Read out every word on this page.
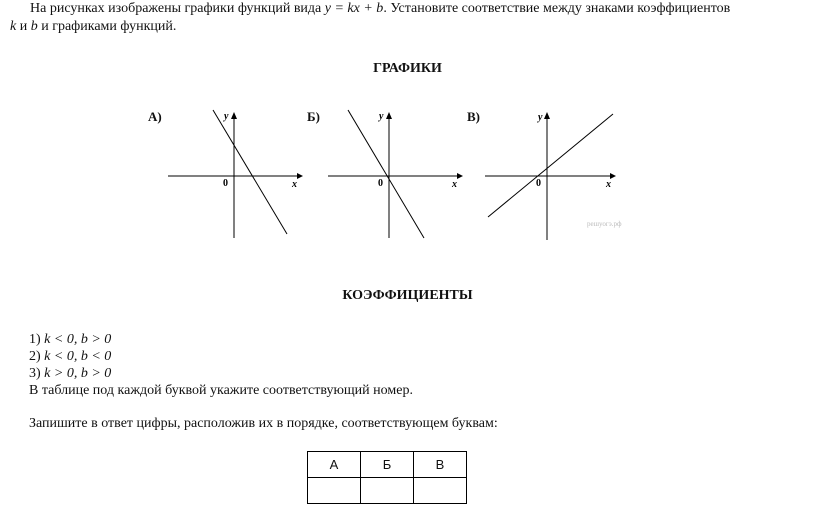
На рисунках изображены графики функций вида y = kx + b. Установите соответствие между знаками коэффициентов
k и b и графиками функций.
ГРАФИКИ
А)	y
x
0
Б)	y
x
0
В)	y
x
0
решуогэ.рф
КОЭФФИЦИЕНТЫ
1) k < 0, b > 0
2) k < 0, b < 0
3) k > 0, b > 0
В таблице под каждой буквой укажите соответствующий номер.
Запишите в ответ цифры, расположив их в порядке, соответствующем буквам:
А	Б	В
